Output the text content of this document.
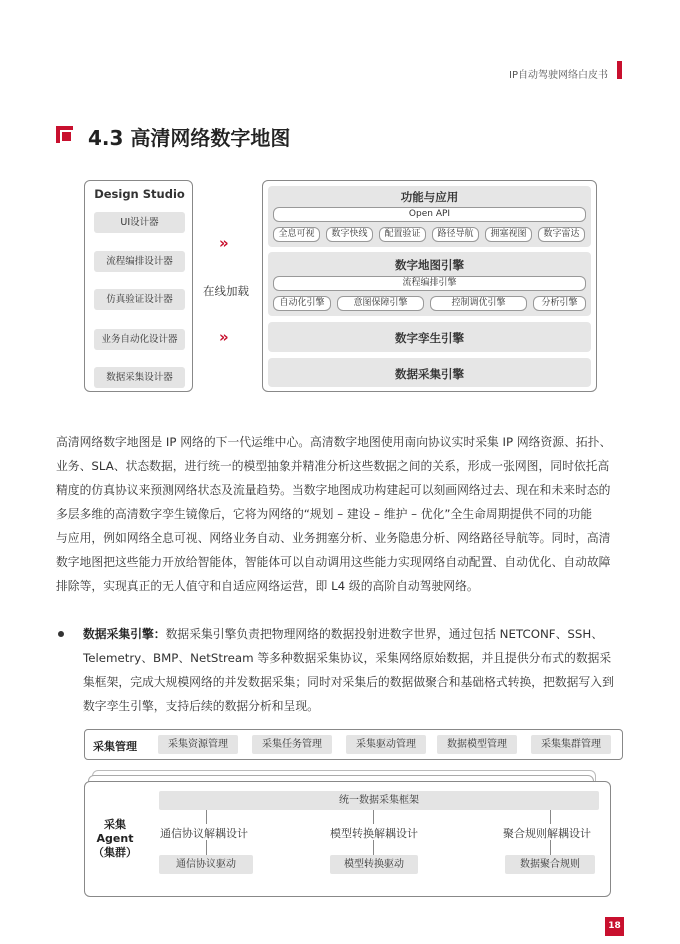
IP自动驾驶网络白皮书
4.3 高清网络数字地图
Design Studio
UI设计器
流程编排设计器
仿真验证设计器
业务自动化设计器
数据采集设计器
»
在线加载
»
功能与应用
Open API
全息可视	数字快线	配置验证	路径导航	拥塞视图	数字雷达
数字地图引擎
流程编排引擎
自动化引擎	意图保障引擎	控制调优引擎	分析引擎
数字孪生引擎
数据采集引擎
高清网络数字地图是 IP 网络的下一代运维中心。高清数字地图使用南向协议实时采集 IP 网络资源、拓扑、
业务、SLA、状态数据，进行统一的模型抽象并精准分析这些数据之间的关系，形成一张网图，同时依托高
精度的仿真协议来预测网络状态及流量趋势。当数字地图成功构建起可以刻画网络过去、现在和未来时态的
多层多维的高清数字孪生镜像后，它将为网络的“规划 – 建设 – 维护 – 优化”全生命周期提供不同的功能
与应用，例如网络全息可视、网络业务自动、业务拥塞分析、业务隐患分析、网络路径导航等。同时，高清
数字地图把这些能力开放给智能体，智能体可以自动调用这些能力实现网络自动配置、自动优化、自动故障
排除等，实现真正的无人值守和自适应网络运营，即 L4 级的高阶自动驾驶网络。
数据采集引擎：数据采集引擎负责把物理网络的数据投射进数字世界，通过包括 NETCONF、SSH、
Telemetry、BMP、NetStream 等多种数据采集协议，采集网络原始数据，并且提供分布式的数据采
集框架，完成大规模网络的并发数据采集；同时对采集后的数据做聚合和基础格式转换，把数据写入到
数字孪生引擎，支持后续的数据分析和呈现。
采集管理	采集资源管理	采集任务管理	采集驱动管理	数据模型管理	采集集群管理
采集Agent
（集群）
统一数据采集框架
通信协议解耦设计	模型转换解耦设计	聚合规则解耦设计
通信协议驱动	模型转换驱动	数据聚合规则
18
